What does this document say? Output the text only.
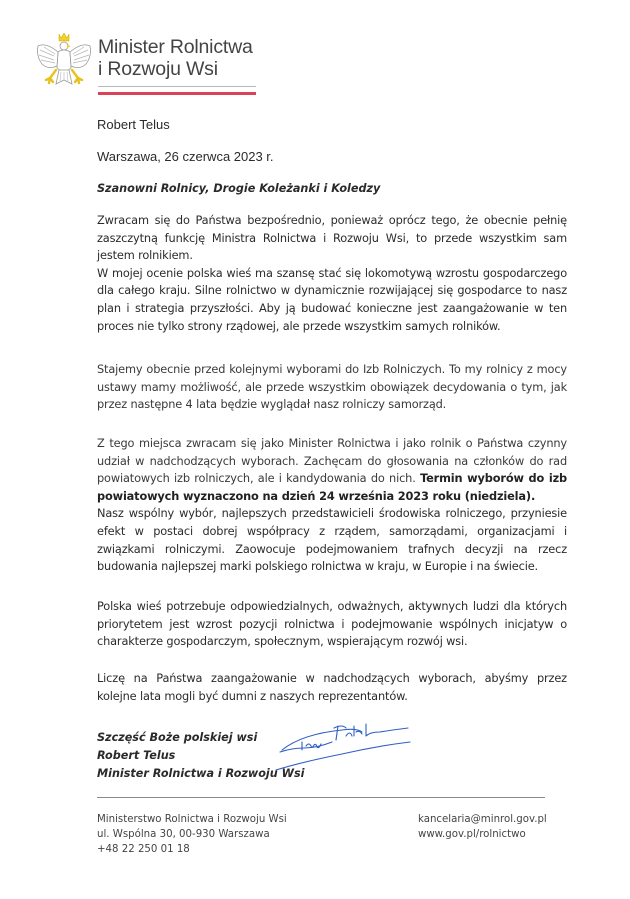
Minister Rolnictwa
i Rozwoju Wsi
Robert Telus
Warszawa, 26 czerwca 2023 r.
Szanowni Rolnicy, Drogie Koleżanki i Koledzy

Zwracam się do Państwa bezpośrednio, ponieważ oprócz tego, że obecnie pełnię zaszczytną funkcję Ministra Rolnictwa i Rozwoju Wsi, to przede wszystkim sam jestem rolnikiem.

W mojej ocenie polska wieś ma szansę stać się lokomotywą wzrostu gospodarczego dla całego kraju. Silne rolnictwo w dynamicznie rozwijającej się gospodarce to nasz plan i strategia przyszłości. Aby ją budować konieczne jest zaangażowanie w ten proces nie tylko strony rządowej, ale przede wszystkim samych rolników.

Stajemy obecnie przed kolejnymi wyborami do Izb Rolniczych. To my rolnicy z mocy ustawy mamy możliwość, ale przede wszystkim obowiązek decydowania o tym, jak przez następne 4 lata będzie wyglądał nasz rolniczy samorząd.

Z tego miejsca zwracam się jako Minister Rolnictwa i jako rolnik o Państwa czynny udział w nadchodzących wyborach. Zachęcam do głosowania na członków do rad powiatowych izb rolniczych, ale i kandydowania do nich. Termin wyborów do izb powiatowych wyznaczono na dzień 24 września 2023 roku (niedziela).

Nasz wspólny wybór, najlepszych przedstawicieli środowiska rolniczego, przyniesie efekt w postaci dobrej współpracy z rządem, samorządami, organizacjami i związkami rolniczymi. Zaowocuje podejmowaniem trafnych decyzji na rzecz budowania najlepszej marki polskiego rolnictwa w kraju, w Europie i na świecie.

Polska wieś potrzebuje odpowiedzialnych, odważnych, aktywnych ludzi dla których priorytetem jest wzrost pozycji rolnictwa i podejmowanie wspólnych inicjatyw o charakterze gospodarczym, społecznym, wspierającym rozwój wsi.

Liczę na Państwa zaangażowanie w nadchodzących wyborach, abyśmy przez kolejne lata mogli być dumni z naszych reprezentantów.

Szczęść Boże polskiej wsi
Robert Telus
Minister Rolnictwa i Rozwoju Wsi
Ministerstwo Rolnictwa i Rozwoju Wsi
ul. Wspólna 30, 00-930 Warszawa
+48 22 250 01 18
kancelaria@minrol.gov.pl
www.gov.pl/rolnictwo
